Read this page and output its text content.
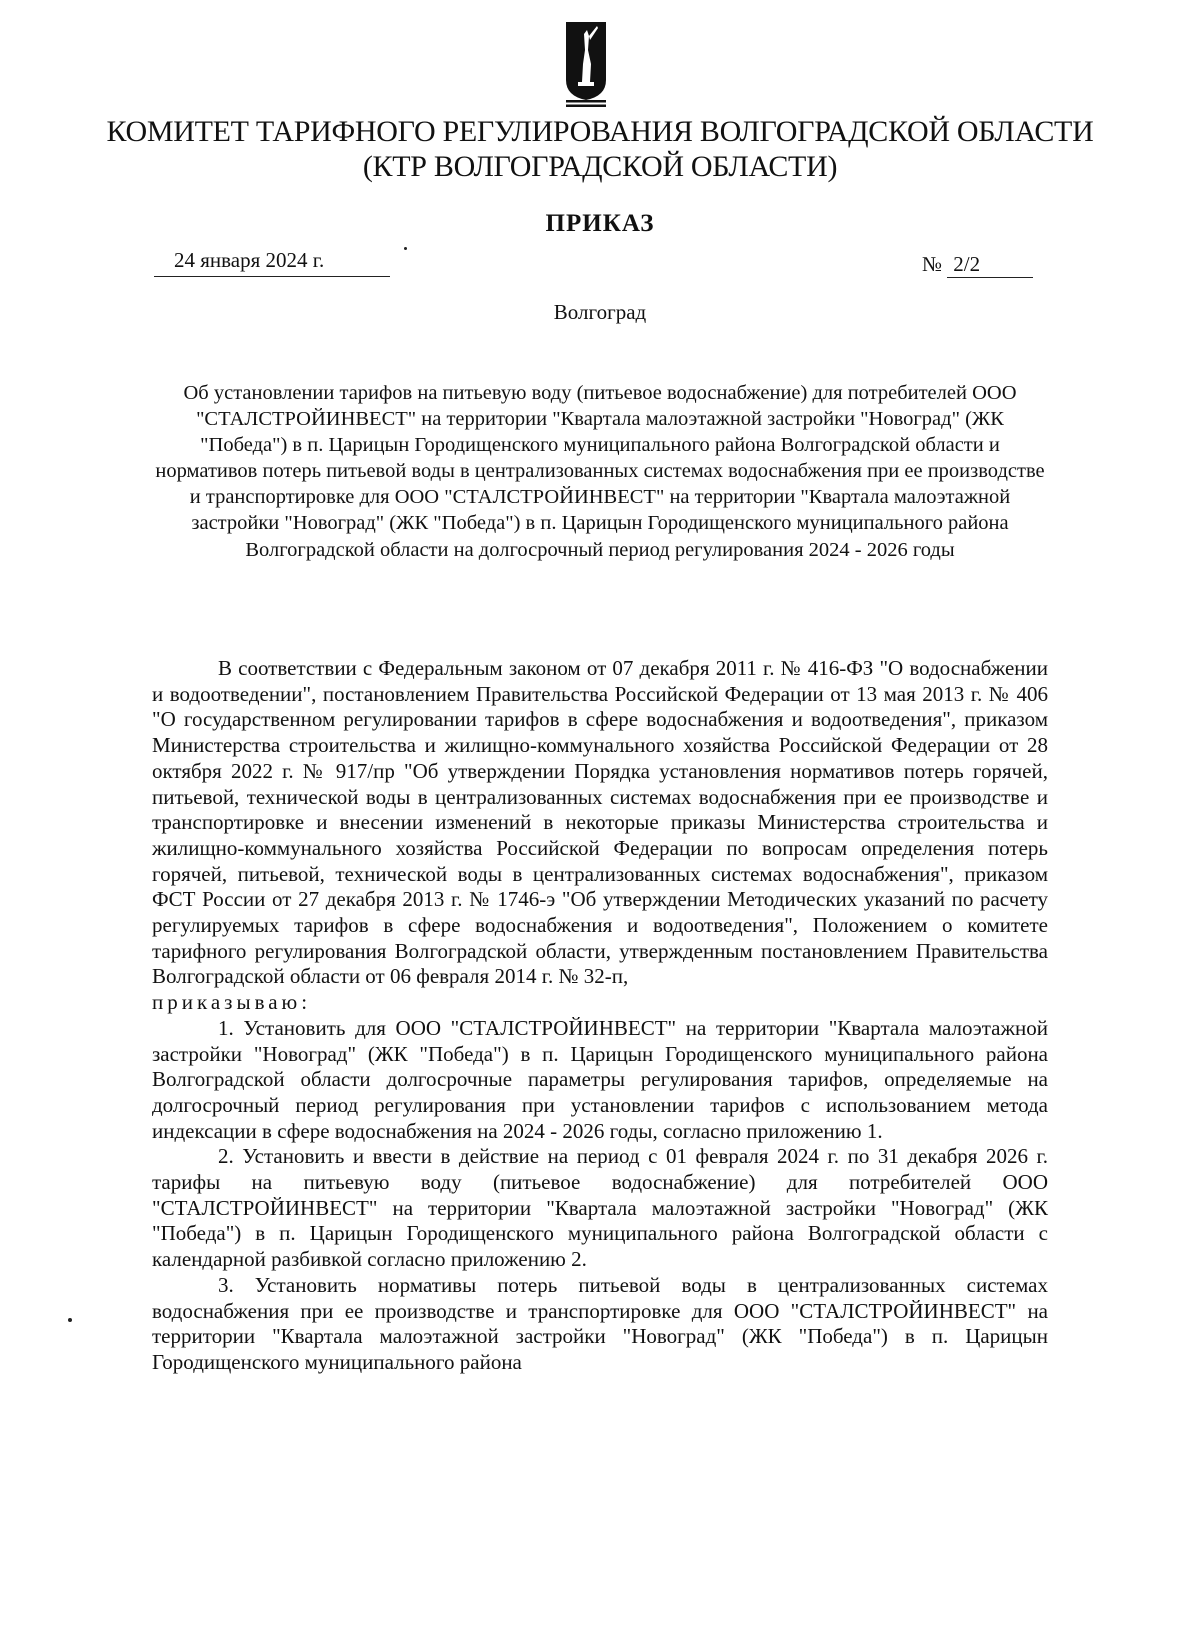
КОМИТЕТ ТАРИФНОГО РЕГУЛИРОВАНИЯ ВОЛГОГРАДСКОЙ ОБЛАСТИ
(КТР ВОЛГОГРАДСКОЙ ОБЛАСТИ)
ПРИКАЗ
24 января 2024 г.	№ 2/2
Волгоград
Об установлении тарифов на питьевую воду (питьевое водоснабжение) для потребителей ООО "СТАЛСТРОЙИНВЕСТ" на территории "Квартала малоэтажной застройки "Новоград" (ЖК "Победа") в п. Царицын Городищенского муниципального района Волгоградской области и нормативов потерь питьевой воды в централизованных системах водоснабжения при ее производстве и транспортировке для ООО "СТАЛСТРОЙИНВЕСТ" на территории "Квартала малоэтажной застройки "Новоград" (ЖК "Победа") в п. Царицын Городищенского муниципального района Волгоградской области на долгосрочный период регулирования 2024 - 2026 годы

В соответствии с Федеральным законом от 07 декабря 2011 г. № 416-ФЗ "О водоснабжении и водоотведении", постановлением Правительства Российской Федерации от 13 мая 2013 г. № 406 "О государственном регулировании тарифов в сфере водоснабжения и водоотведения", приказом Министерства строительства и жилищно-коммунального хозяйства Российской Федерации от 28 октября 2022 г. № 917/пр "Об утверждении Порядка установления нормативов потерь горячей, питьевой, технической воды в централизованных системах водоснабжения при ее производстве и транспортировке и внесении изменений в некоторые приказы Министерства строительства и жилищно-коммунального хозяйства Российской Федерации по вопросам определения потерь горячей, питьевой, технической воды в централизованных системах водоснабжения", приказом ФСТ России от 27 декабря 2013 г. № 1746-э "Об утверждении Методических указаний по расчету регулируемых тарифов в сфере водоснабжения и водоотведения", Положением о комитете тарифного регулирования Волгоградской области, утвержденным постановлением Правительства Волгоградской области от 06 февраля 2014 г. № 32-п,

приказываю:

1. Установить для ООО "СТАЛСТРОЙИНВЕСТ" на территории "Квартала малоэтажной застройки "Новоград" (ЖК "Победа") в п. Царицын Городищенского муниципального района Волгоградской области долгосрочные параметры регулирования тарифов, определяемые на долгосрочный период регулирования при установлении тарифов с использованием метода индексации в сфере водоснабжения на 2024 - 2026 годы, согласно приложению 1.

2. Установить и ввести в действие на период с 01 февраля 2024 г. по 31 декабря 2026 г. тарифы на питьевую воду (питьевое водоснабжение) для потребителей ООО "СТАЛСТРОЙИНВЕСТ" на территории "Квартала малоэтажной застройки "Новоград" (ЖК "Победа") в п. Царицын Городищенского муниципального района Волгоградской области с календарной разбивкой согласно приложению 2.

3. Установить нормативы потерь питьевой воды в централизованных системах водоснабжения при ее производстве и транспортировке для ООО "СТАЛСТРОЙИНВЕСТ" на территории "Квартала малоэтажной застройки "Новоград" (ЖК "Победа") в п. Царицын Городищенского муниципального района
